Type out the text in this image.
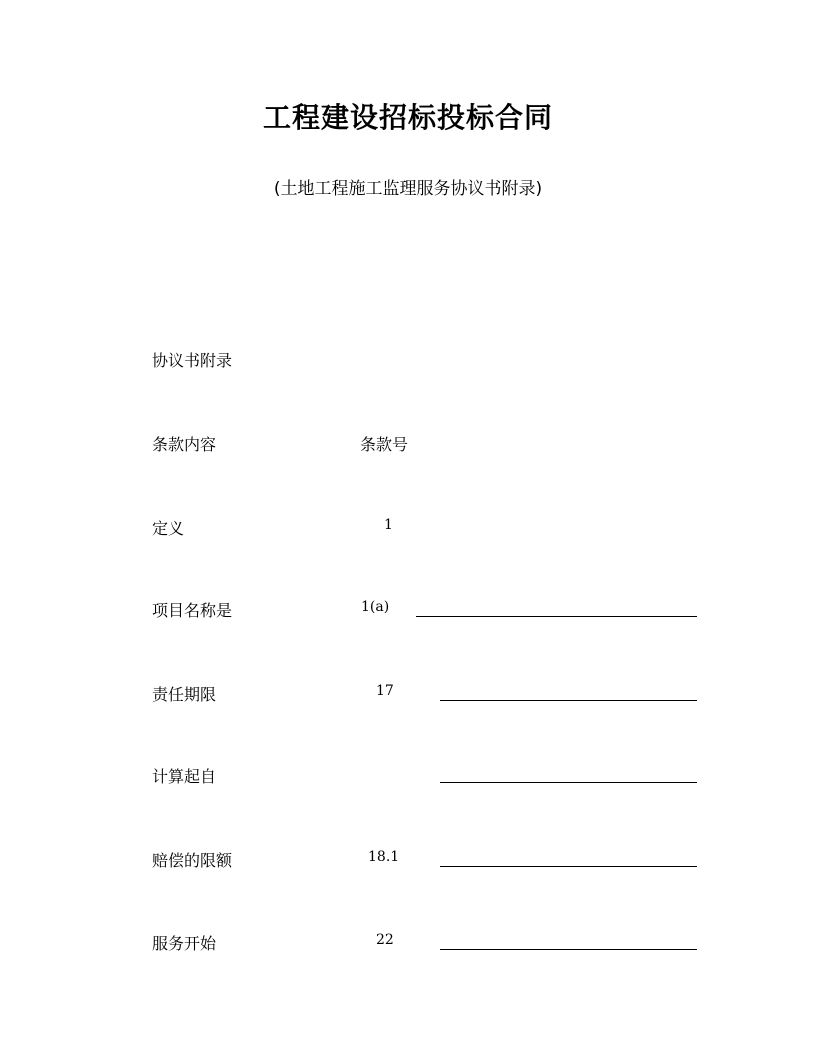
工程建设招标投标合同
(土地工程施工监理服务协议书附录)
协议书附录
条款内容	条款号
定义	1
项目名称是	1(a)
责任期限	17
计算起自
赔偿的限额	18.1
服务开始	22
